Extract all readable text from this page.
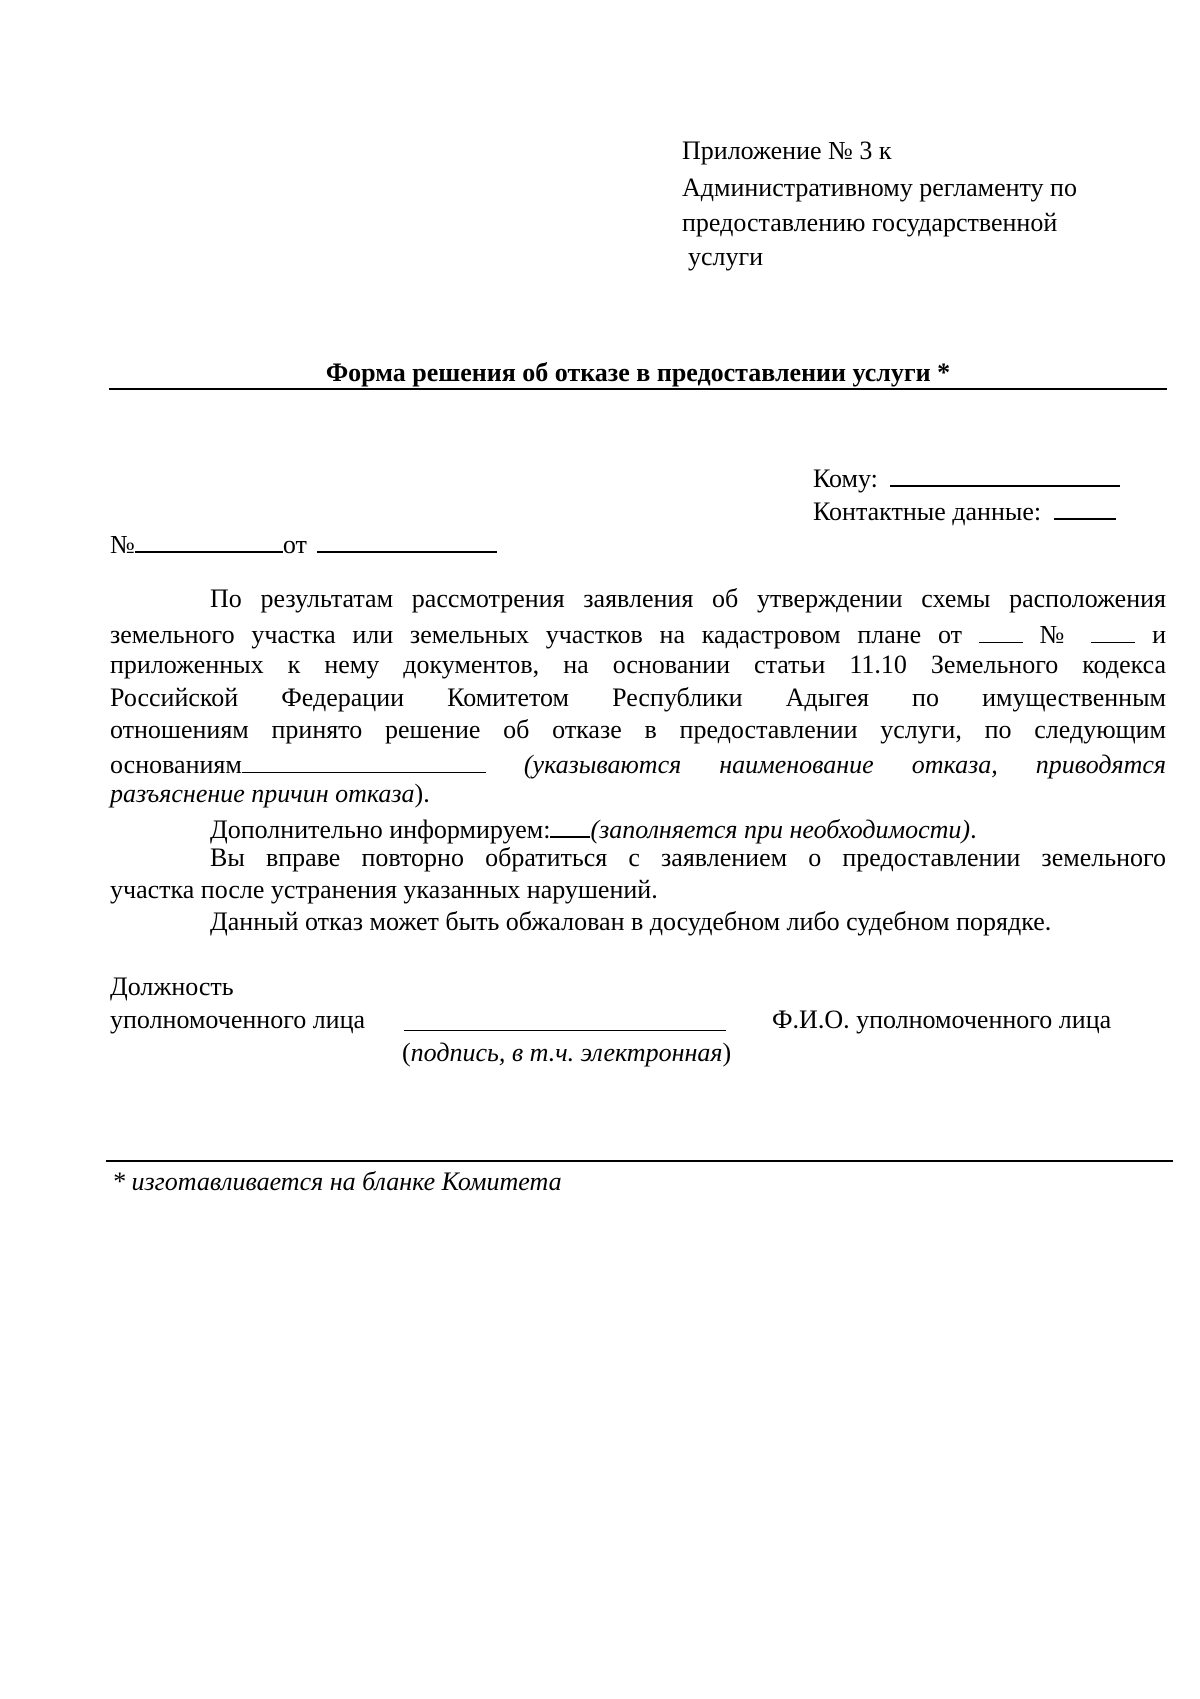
Приложение № 3 к
Административному регламенту по
предоставлению государственной
услуги
Форма решения об отказе в предоставлении услуги *
Кому:
Контактные данные:
№	от
По результатам рассмотрения заявления об утверждении схемы расположения
земельного участка или земельных участков на кадастровом плане от	№	и
приложенных к нему документов, на основании статьи 11.10 Земельного кодекса
Российской Федерации Комитетом Республики Адыгея по имущественным
отношениям принято решение об отказе в предоставлении услуги, по следующим
основаниям	(указываются наименование отказа, приводятся
разъяснение причин отказа).
Дополнительно информируем: (заполняется при необходимости).
Вы вправе повторно обратиться с заявлением о предоставлении земельного
участка после устранения указанных нарушений.
Данный отказ может быть обжалован в досудебном либо судебном порядке.
Должность
уполномоченного лица	Ф.И.О. уполномоченного лица
(подпись, в т.ч. электронная)
* изготавливается на бланке Комитета
